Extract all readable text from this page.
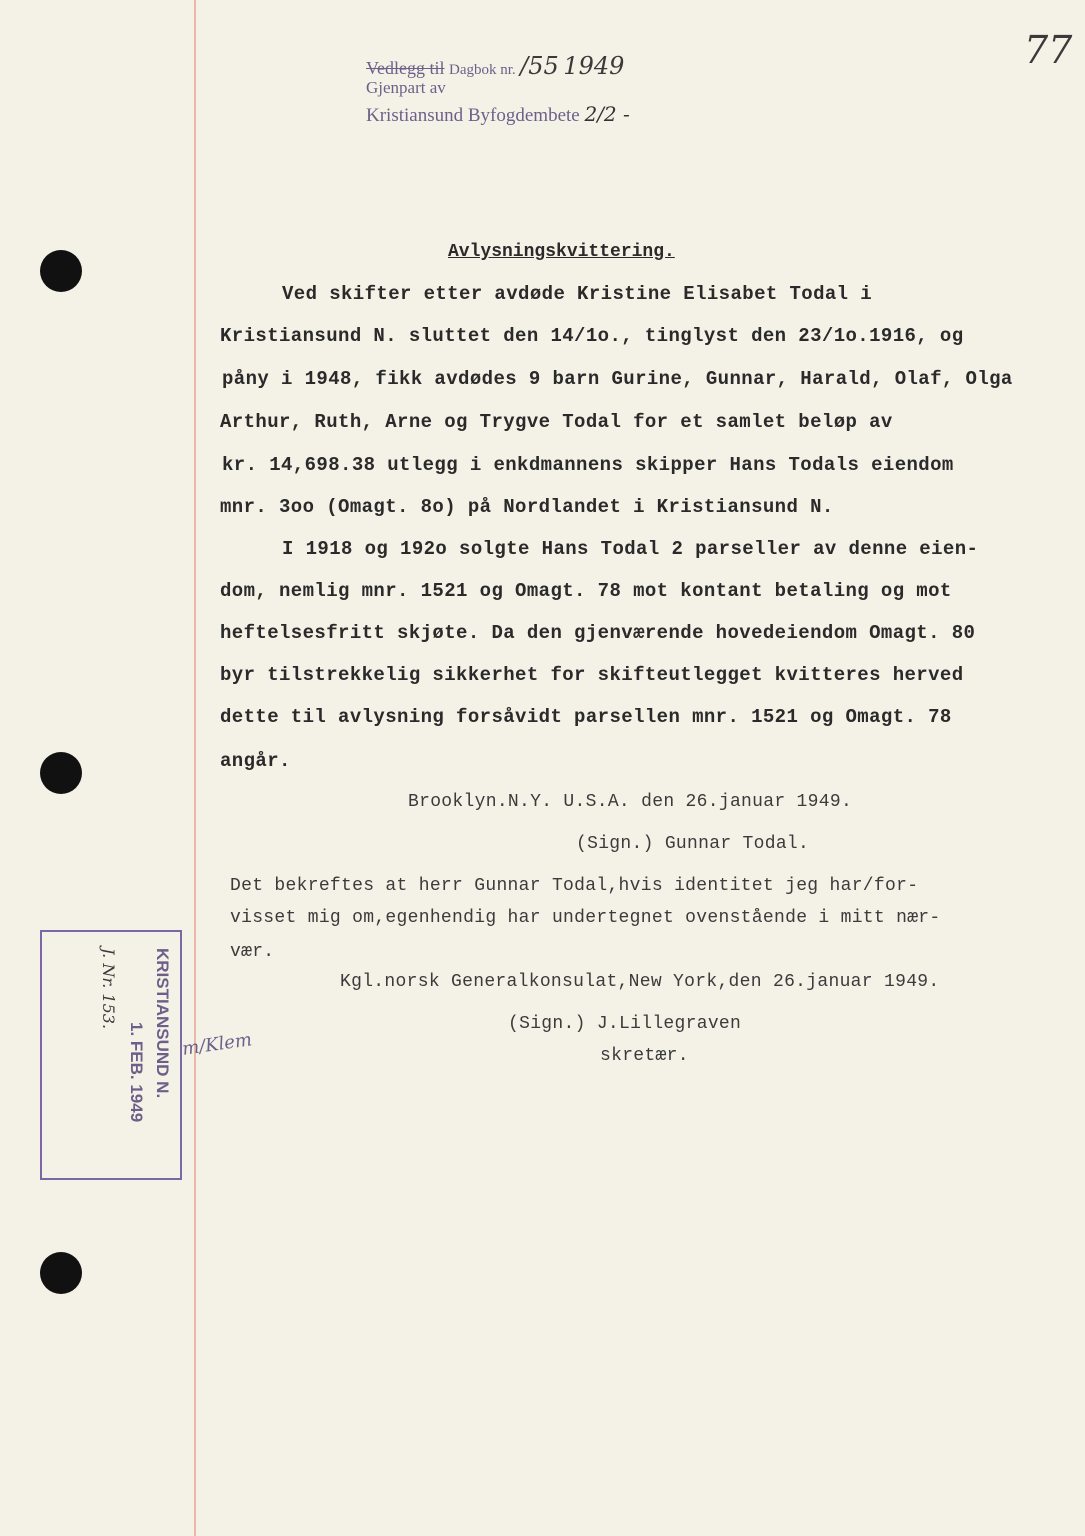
Vedlegg til Dagbok nr. /55 1949
Gjenpart av
Kristiansund Byfogdembete 2/2 -
77
Avlysningskvittering.
Ved skifter etter avdøde Kristine Elisabet Todal i
Kristiansund N. sluttet den 14/1o., tinglyst den 23/1o.1916, og
påny i 1948, fikk avdødes 9 barn Gurine, Gunnar, Harald, Olaf, Olga
Arthur, Ruth, Arne og Trygve Todal for et samlet beløp av
kr. 14,698.38 utlegg i enkdmannens skipper Hans Todals eiendom
mnr. 3oo (Omagt. 8o) på Nordlandet i Kristiansund N.
I 1918 og 192o solgte Hans Todal 2 parseller av denne eien-
dom, nemlig mnr. 1521 og Omagt. 78 mot kontant betaling og mot
heftelsesfritt skjøte. Da den gjenværende hovedeiendom Omagt. 80
byr tilstrekkelig sikkerhet for skifteutlegget kvitteres herved
dette til avlysning forsåvidt parsellen mnr. 1521 og Omagt. 78
angår.
Brooklyn.N.Y. U.S.A. den 26.januar 1949.
(Sign.) Gunnar Todal.
Det bekreftes at herr Gunnar Todal,hvis identitet jeg har/for-
visset mig om,egenhendig har undertegnet ovenstående i mitt nær-
vær.
Kgl.norsk Generalkonsulat,New York,den 26.januar 1949.
(Sign.) J.Lillegraven
skretær.
KRISTIANSUND N.
1. FEB. 1949
J. Nr. 153.
m/Klem
